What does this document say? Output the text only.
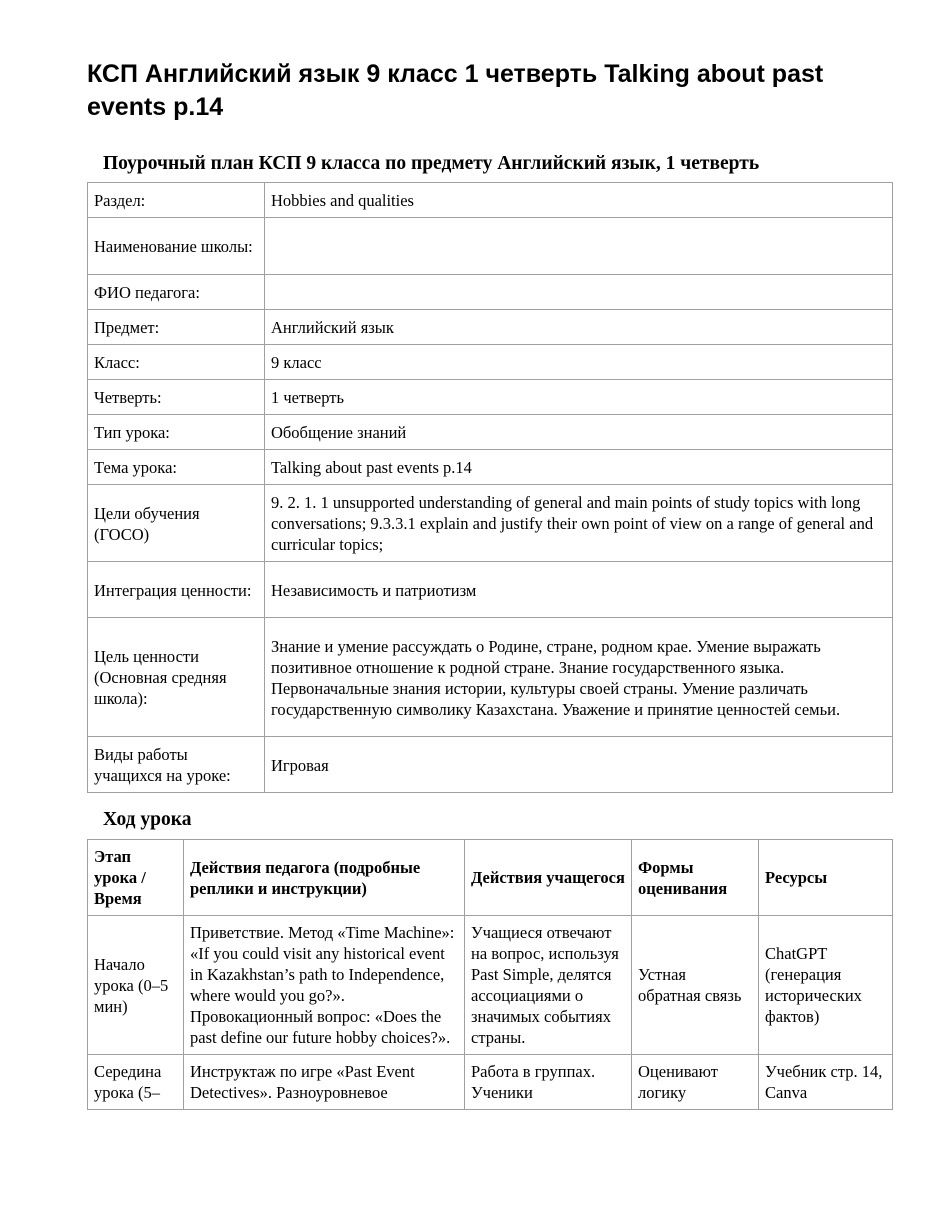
КСП Английский язык 9 класс 1 четверть Talking about past events p.14
Поурочный план КСП 9 класса по предмету Английский язык, 1 четверть
Раздел:	Hobbies and qualities
Наименование школы:	
ФИО педагога:	
Предмет:	Английский язык
Класс:	9 класс
Четверть:	1 четверть
Тип урока:	Обобщение знаний
Тема урока:	Talking about past events p.14
Цели обучения (ГОСО)	9. 2. 1. 1 unsupported understanding of general and main points of study topics with long conversations; 9.3.3.1 explain and justify their own point of view on a range of general and curricular topics;
Интеграция ценности:	Независимость и патриотизм
Цель ценности (Основная средняя школа):	Знание и умение рассуждать о Родине, стране, родном крае. Умение выражать позитивное отношение к родной стране. Знание государственного языка. Первоначальные знания истории, культуры своей страны. Умение различать государственную символику Казахстана. Уважение и принятие ценностей семьи.
Виды работы учащихся на уроке:	Игровая
Ход урока
Этап урока / Время	Действия педагога (подробные реплики и инструкции)	Действия учащегося	Формы оценивания	Ресурсы
Начало урока (0–5 мин)	Приветствие. Метод «Time Machine»: «If you could visit any historical event in Kazakhstan’s path to Independence, where would you go?». Провокационный вопрос: «Does the past define our future hobby choices?».	Учащиеся отвечают на вопрос, используя Past Simple, делятся ассоциациями о значимых событиях страны.	Устная обратная связь	ChatGPT (генерация исторических фактов)
Середина урока (5–	Инструктаж по игре «Past Event Detectives». Разноуровневое	Работа в группах. Ученики	Оценивают логику	Учебник стр. 14, Canva
